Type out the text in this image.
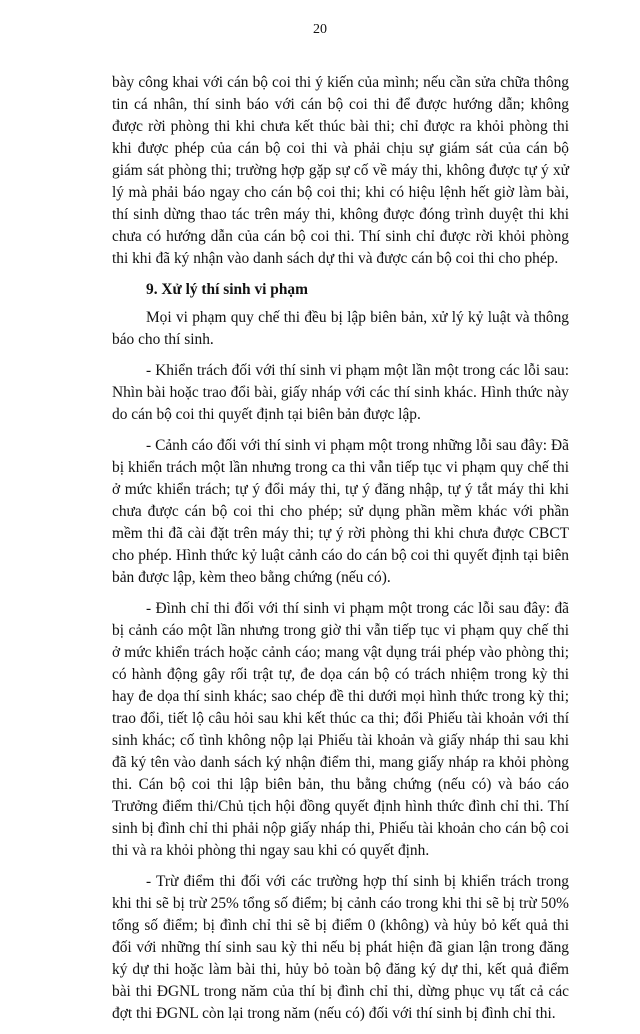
20

bày công khai với cán bộ coi thi ý kiến của mình; nếu cần sửa chữa thông tin cá nhân, thí sinh báo với cán bộ coi thi để được hướng dẫn; không được rời phòng thi khi chưa kết thúc bài thi; chỉ được ra khỏi phòng thi khi được phép của cán bộ coi thi và phải chịu sự giám sát của cán bộ giám sát phòng thi; trường hợp gặp sự cố về máy thi, không được tự ý xử lý mà phải báo ngay cho cán bộ coi thi; khi có hiệu lệnh hết giờ làm bài, thí sinh dừng thao tác trên máy thi, không được đóng trình duyệt thi khi chưa có hướng dẫn của cán bộ coi thi. Thí sinh chỉ được rời khỏi phòng thi khi đã ký nhận vào danh sách dự thi và được cán bộ coi thi cho phép.

9. Xử lý thí sinh vi phạm

Mọi vi phạm quy chế thi đều bị lập biên bản, xử lý kỷ luật và thông báo cho thí sinh.

- Khiển trách đối với thí sinh vi phạm một lần một trong các lỗi sau: Nhìn bài hoặc trao đổi bài, giấy nháp với các thí sinh khác. Hình thức này do cán bộ coi thi quyết định tại biên bản được lập.

- Cảnh cáo đối với thí sinh vi phạm một trong những lỗi sau đây: Đã bị khiển trách một lần nhưng trong ca thi vẫn tiếp tục vi phạm quy chế thi ở mức khiển trách; tự ý đổi máy thi, tự ý đăng nhập, tự ý tắt máy thi khi chưa được cán bộ coi thi cho phép; sử dụng phần mềm khác với phần mềm thi đã cài đặt trên máy thi; tự ý rời phòng thi khi chưa được CBCT cho phép. Hình thức kỷ luật cảnh cáo do cán bộ coi thi quyết định tại biên bản được lập, kèm theo bằng chứng (nếu có).

- Đình chỉ thi đối với thí sinh vi phạm một trong các lỗi sau đây: đã bị cảnh cáo một lần nhưng trong giờ thi vẫn tiếp tục vi phạm quy chế thi ở mức khiển trách hoặc cảnh cáo; mang vật dụng trái phép vào phòng thi; có hành động gây rối trật tự, đe dọa cán bộ có trách nhiệm trong kỳ thi hay đe dọa thí sinh khác; sao chép đề thi dưới mọi hình thức trong kỳ thi; trao đổi, tiết lộ câu hỏi sau khi kết thúc ca thi; đổi Phiếu tài khoản với thí sinh khác; cố tình không nộp lại Phiếu tài khoản và giấy nháp thi sau khi đã ký tên vào danh sách ký nhận điểm thi, mang giấy nháp ra khỏi phòng thi. Cán bộ coi thi lập biên bản, thu bằng chứng (nếu có) và báo cáo Trưởng điểm thi/Chủ tịch hội đồng quyết định hình thức đình chỉ thi. Thí sinh bị đình chỉ thi phải nộp giấy nháp thi, Phiếu tài khoản cho cán bộ coi thi và ra khỏi phòng thi ngay sau khi có quyết định.

- Trừ điểm thi đối với các trường hợp thí sinh bị khiển trách trong khi thi sẽ bị trừ 25% tổng số điểm; bị cảnh cáo trong khi thi sẽ bị trừ 50% tổng số điểm; bị đình chỉ thi sẽ bị điểm 0 (không) và hủy bỏ kết quả thi đối với những thí sinh sau kỳ thi nếu bị phát hiện đã gian lận trong đăng ký dự thi hoặc làm bài thi, hủy bỏ toàn bộ đăng ký dự thi, kết quả điểm bài thi ĐGNL trong năm của thí bị đình chỉ thi, dừng phục vụ tất cả các đợt thi ĐGNL còn lại trong năm (nếu có) đối với thí sinh bị đình chỉ thi.
